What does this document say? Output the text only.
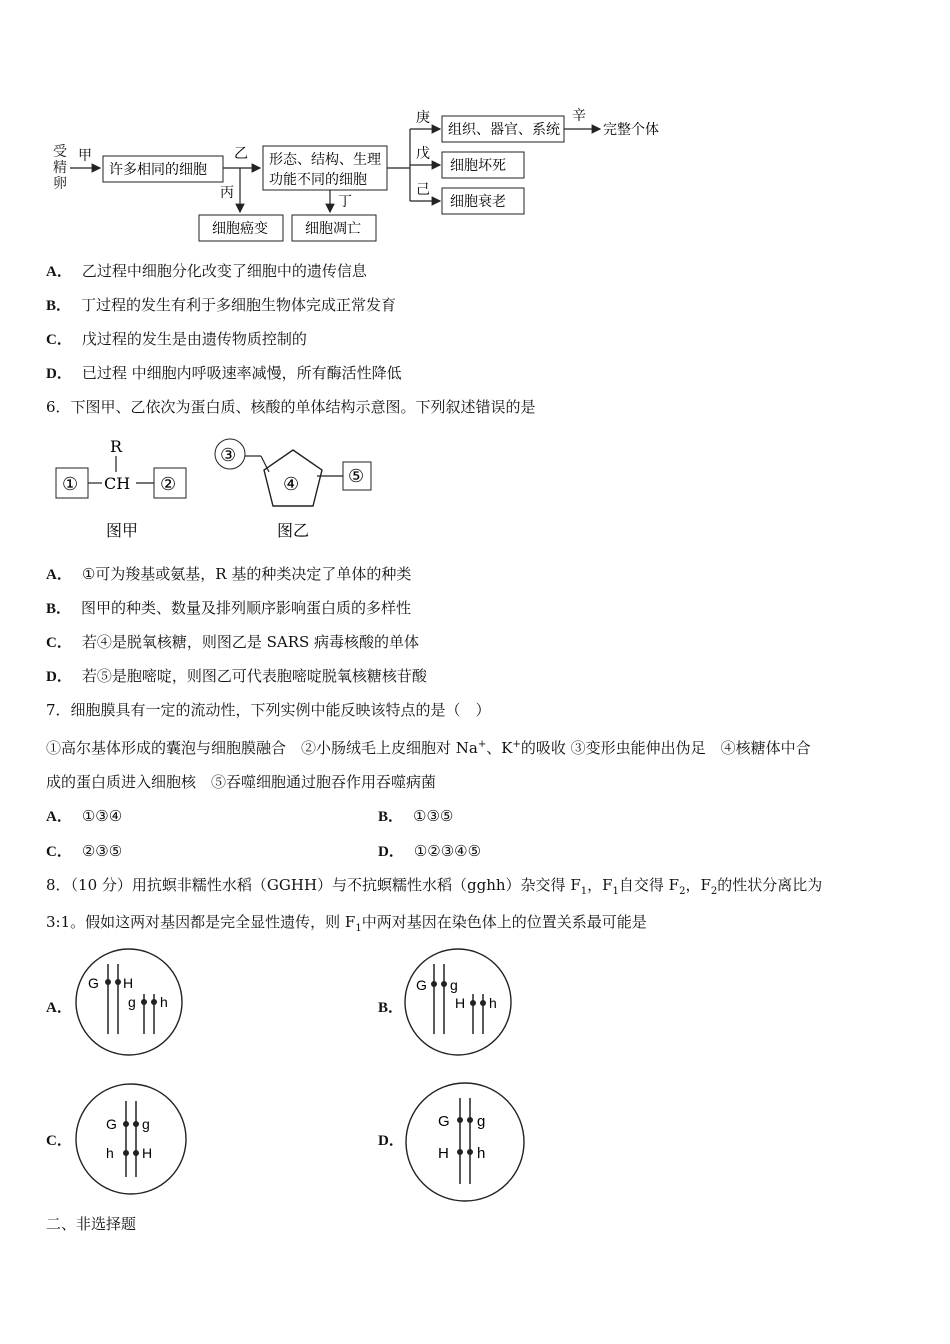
受
精
卵
甲
许多相同的细胞
乙
丙
形态、结构、生理
功能不同的细胞
丁
细胞癌变	细胞凋亡
庚
戊
己
组织、器官、系统
细胞坏死
细胞衰老
辛
完整个体
A． 乙过程中细胞分化改变了细胞中的遗传信息
B． 丁过程的发生有利于多细胞生物体完成正常发育
C． 戊过程的发生是由遗传物质控制的
D． 已过程 中细胞内呼吸速率减慢，所有酶活性降低
6．下图甲、乙依次为蛋白质、核酸的单体结构示意图。下列叙述错误的是
R
① CH ②
图甲
③
④	⑤
图乙
A． ①可为羧基或氨基，R 基的种类决定了单体的种类
B． 图甲的种类、数量及排列顺序影响蛋白质的多样性
C． 若④是脱氧核糖，则图乙是 SARS 病毒核酸的单体
D． 若⑤是胞嘧啶，则图乙可代表胞嘧啶脱氧核糖核苷酸
7．细胞膜具有一定的流动性，下列实例中能反映该特点的是（　）
①高尔基体形成的囊泡与细胞膜融合　②小肠绒毛上皮细胞对 Na+、K+的吸收 ③变形虫能伸出伪足　④核糖体中合
成的蛋白质进入细胞核　⑤吞噬细胞通过胞吞作用吞噬病菌
A． ①③④	B． ①③⑤
C． ②③⑤	D． ①②③④⑤
8．（10 分）用抗螟非糯性水稻（GGHH）与不抗螟糯性水稻（gghh）杂交得 $F_1$，$F_1$自交得 $F_2$，$F_2$的性状分离比为
3:1。假如这两对基因都是完全显性遗传，则 $F_1$中两对基因在染色体上的位置关系最可能是
A．
G H
g h	B．
G g
H h
C．
G g
h H
D．
G g
H h
二、非选择题
